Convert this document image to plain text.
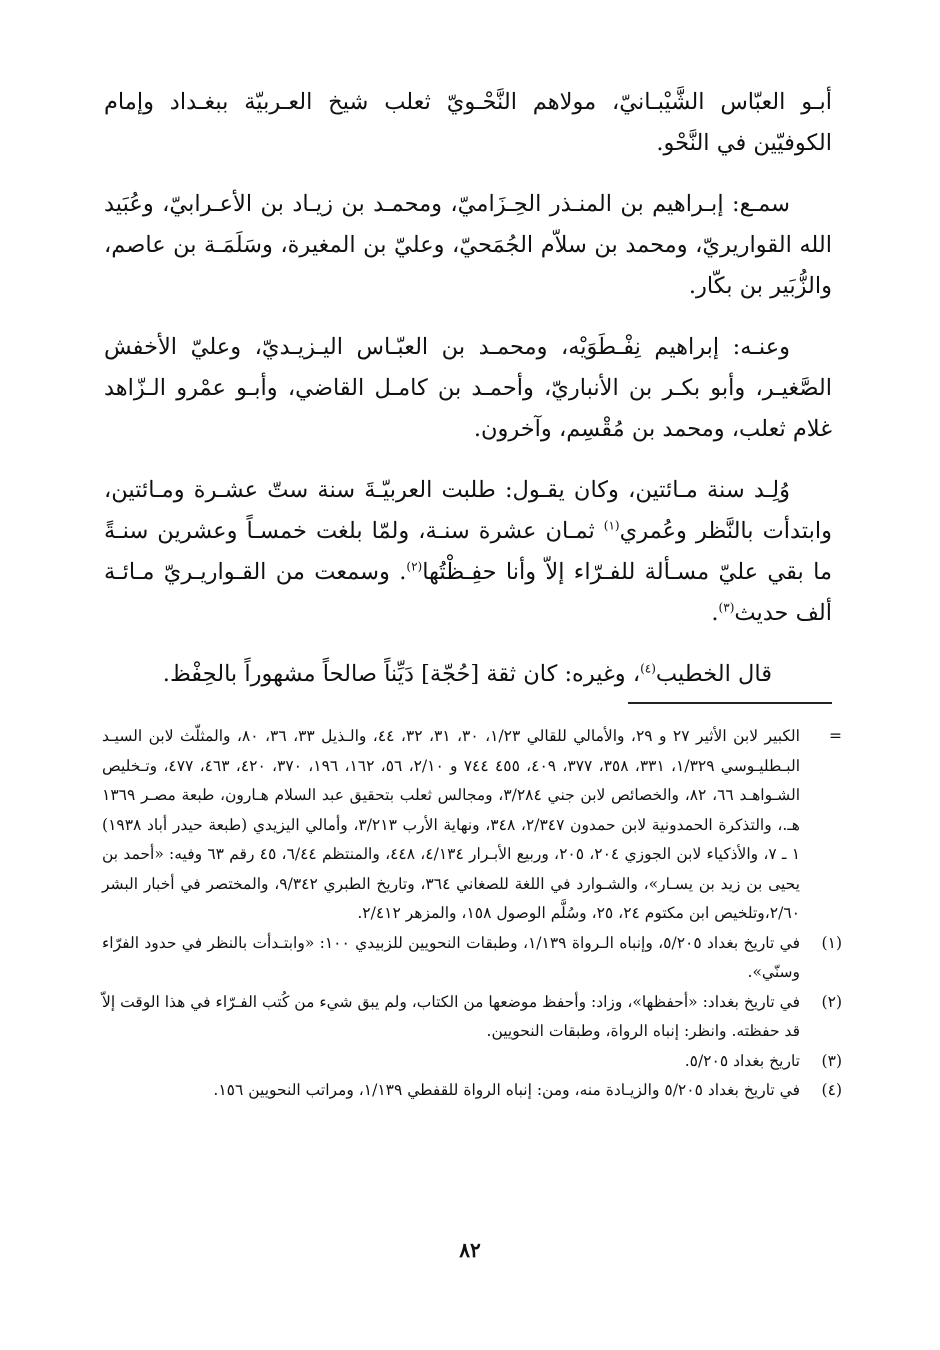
أبـو العبّاس الشَّيْبـانيّ، مولاهم النَّحْـويّ ثعلب شيخ العـربيّة ببغـداد وإمام الكوفيّين في النَّحْو.

سمـع: إبـراهيم بن المنـذر الحِـزَاميّ، ومحمـد بن زيـاد بن الأعـرابيّ، وعُبَيد الله القواريريّ، ومحمد بن سلاّم الجُمَحيّ، وعليّ بن المغيرة، وسَلَمَـة بن عاصم، والزُّبَير بن بكّار.

وعنـه: إبراهيم نِفْـطَوَيْه، ومحمـد بن العبّـاس اليـزيـديّ، وعليّ الأخفش الصَّغيـر، وأبو بكـر بن الأنباريّ، وأحمـد بن كامـل القاضي، وأبـو عمْرو الـزّاهد غلام ثعلب، ومحمد بن مُقْسِم، وآخرون.

وُلِـد سنة مـائتين، وكان يقـول: طلبت العربيّـةَ سنة ستّ عشـرة ومـائتين، وابتدأت بالنَّظر وعُمري$^{(١)}$ ثمـان عشرة سنـة، ولمّا بلغت خمسـاً وعشرين سنـةً ما بقي عليّ مسـألة للفـرّاء إلاّ وأنا حفِـظْتُها$^{(٢)}$. وسمعت من القـواريـريّ مـائـة ألف حديث$^{(٣)}$.

قال الخطيب$^{(٤)}$، وغيره: كان ثقة [حُجّة] دَيِّناً صالحاً مشهوراً بالحِفْظ.

=
الكبير لابن الأثير ٢٧ و ٢٩، والأمالي للقالي ١/٢٣، ٣٠، ٣١، ٣٢، ٤٤، والـذيل ٣٣، ٣٦، ٨٠، والمثلّث لابن السيـد البـطليـوسي ١/٣٢٩، ٣٣١، ٣٥٨، ٣٧٧، ٤٠٩، ٤٥٥ ٧٤٤ و ٢/١٠، ٥٦، ١٦٢، ١٩٦، ٣٧٠، ٤٢٠، ٤٦٣، ٤٧٧، وتـخليص الشـواهـد ٦٦، ٨٢، والخصائص لابن جني ٣/٢٨٤، ومجالس ثعلب بتحقيق عبد السلام هـارون، طبعة مصـر ١٣٦٩ هـ.، والتذكرة الحمدونية لابن حمدون ٢/٣٤٧، ٣٤٨، ونهاية الأرب ٣/٢١٣، وأمالي اليزيدي (طبعة حيدر أباد ١٩٣٨) ١ ـ ٧، والأذكياء لابن الجوزي ٢٠٤، ٢٠٥، وربيع الأبـرار ٤/١٣٤، ٤٤٨، والمنتظم ٦/٤٤، ٤٥ رقم ٦٣ وفيه: «أحمد بن يحيى بن زيد بن يسـار»، والشـوارد في اللغة للصغاني ٣٦٤، وتاريخ الطبري ٩/٣٤٢، والمختصر في أخبار البشر ٢/٦٠،وتلخيص ابن مكتوم ٢٤، ٢٥، وسُلَّم الوصول ١٥٨، والمزهر ٢/٤١٢.
(١)
في تاريخ بغداد ٥/٢٠٥، وإنباه الـرواة ١/١٣٩، وطبقات النحويين للزبيدي ١٠٠: «وابتـدأت بالنظر في حدود الفرّاء وسنّي».
(٢)
في تاريخ بغداد: «أحفظها»، وزاد: وأحفظ موضعها من الكتاب، ولم يبق شيء من كُتب الفـرّاء في هذا الوقت إلاّ قد حفظته. وانظر: إنباه الرواة، وطبقات النحويين.
(٣)
تاريخ بغداد ٥/٢٠٥.
(٤)
في تاريخ بغداد ٥/٢٠٥ والزيـادة منه، ومن: إنباه الرواة للقفطي ١/١٣٩، ومراتب النحويين ١٥٦.
٨٢
